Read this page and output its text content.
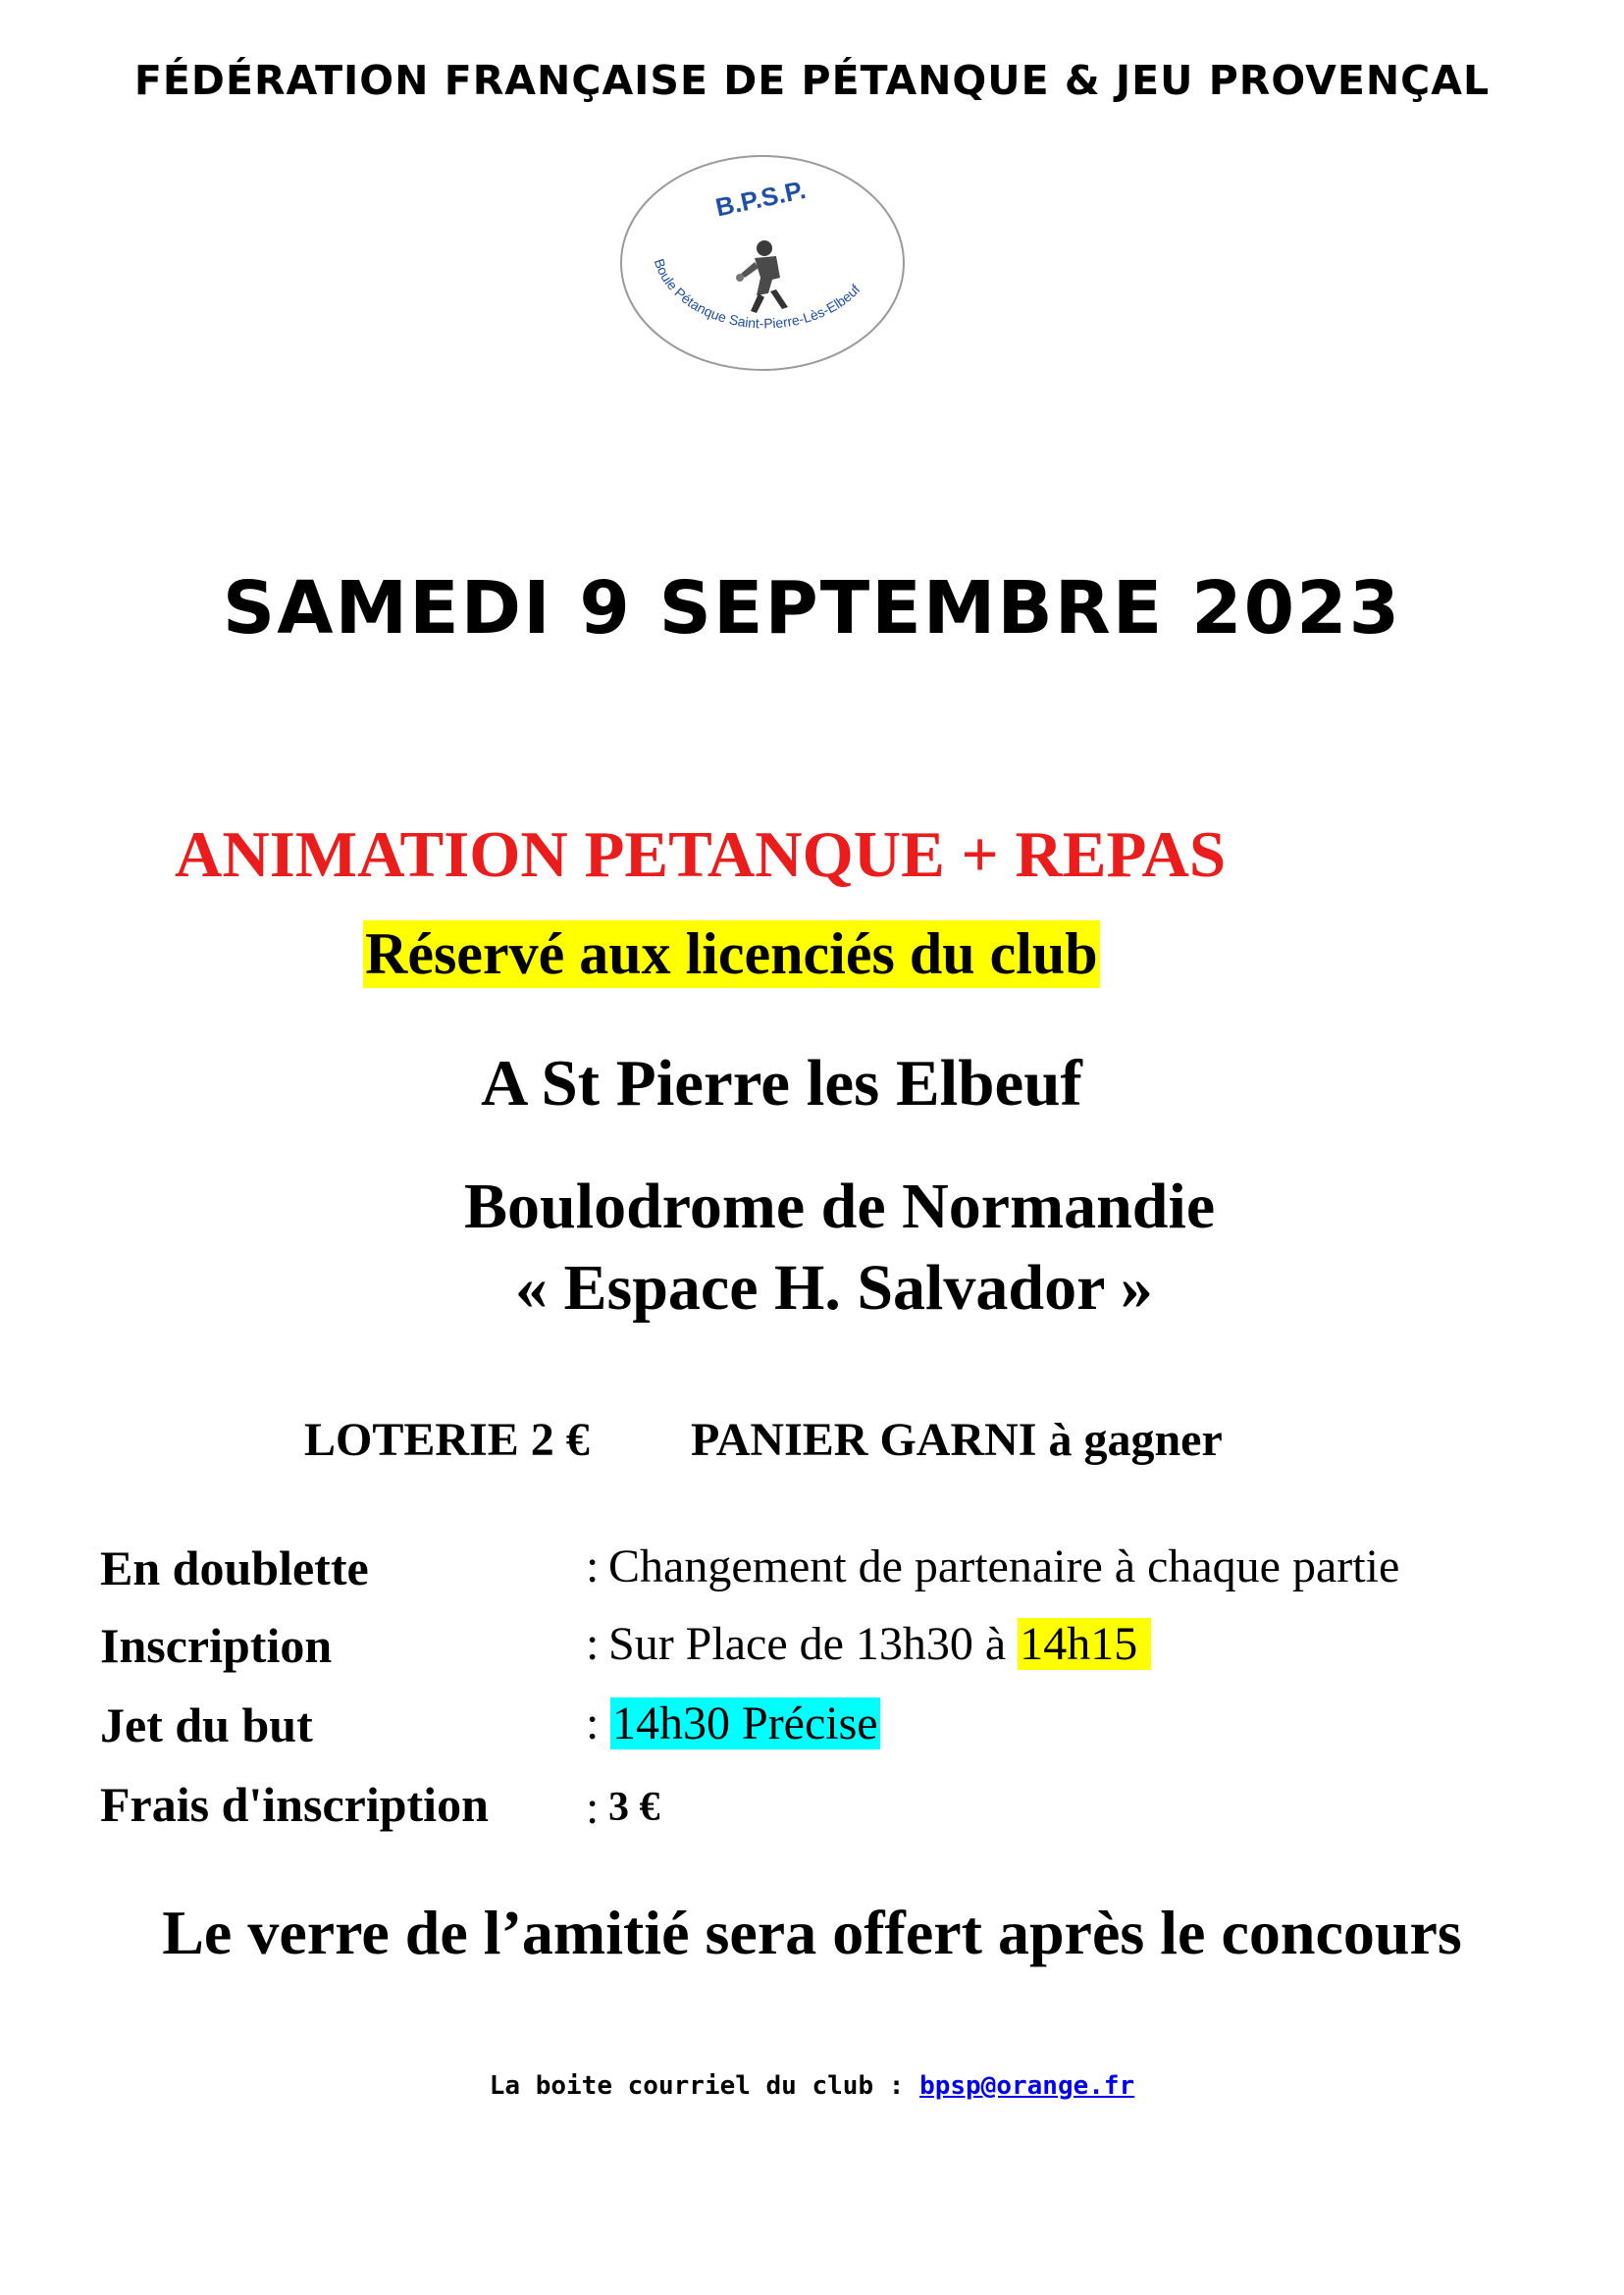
FÉDÉRATION FRANÇAISE DE PÉTANQUE & JEU PROVENÇAL
B.P.S.P.
Boule Pétanque Saint-Pierre-Lès-Elbeuf
SAMEDI 9 SEPTEMBRE 2023
ANIMATION PETANQUE + REPAS
Réservé aux licenciés du club
A St Pierre les Elbeuf
Boulodrome de Normandie
« Espace H. Salvador »
LOTERIE 2 € PANIER GARNI à gagner
En doublette	: Changement de partenaire à chaque partie
Inscription	: Sur Place de 13h30 à 14h15
Jet du but	: 14h30 Précise
Frais d'inscription : 3 €
Le verre de l’amitié sera offert après le concours
La boite courriel du club : bpsp@orange.fr
